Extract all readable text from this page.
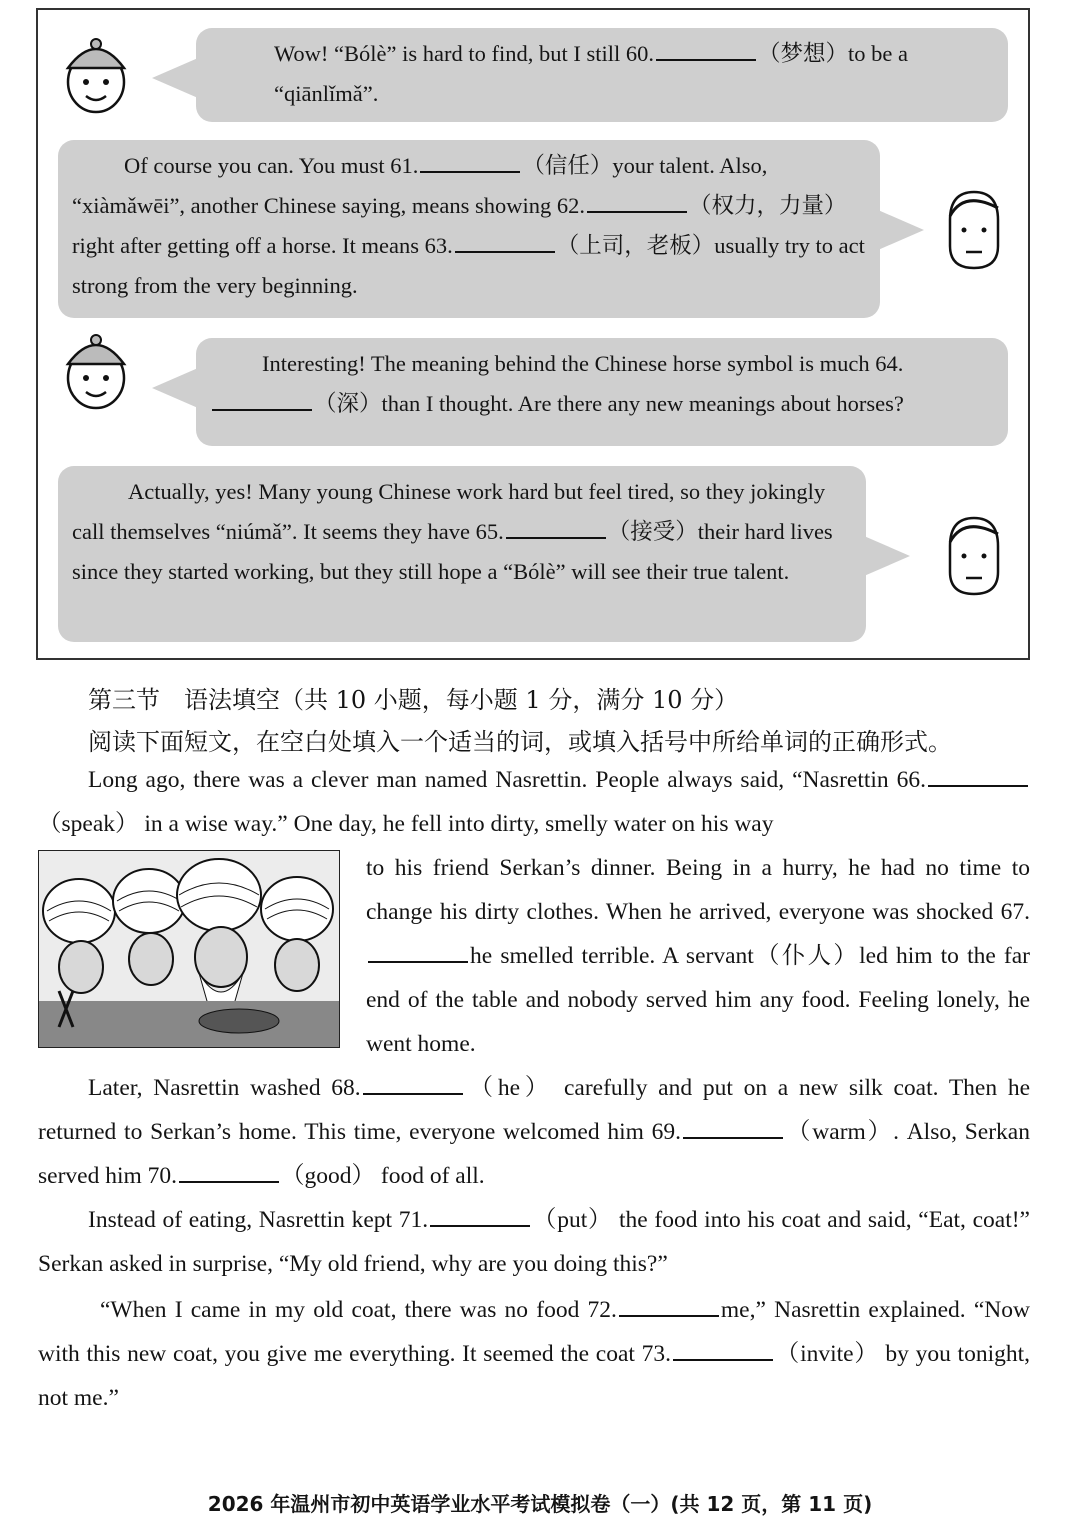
Wow! “Bólè” is hard to find, but I still 60.	（梦想）to be a “qiānlǐmǎ”.
Of course you can. You must 61.	（信任）your talent. Also, “xiàmǎwēi”, another Chinese saying, means showing 62.	（权力，力量）right after getting off a horse. It means 63.	（上司，老板）usually try to act strong from the very beginning.
Interesting! The meaning behind the Chinese horse symbol is much 64.（深）than I thought. Are there any new meanings about horses?
Actually, yes! Many young Chinese work hard but feel tired, so they jokingly call themselves “niúmǎ”. It seems they have 65.	（接受）their hard lives since they started working, but they still hope a “Bólè” will see their true talent.
第三节　语法填空（共 10 小题，每小题 1 分，满分 10 分）
阅读下面短文，在空白处填入一个适当的词，或填入括号中所给单词的正确形式。
Long ago, there was a clever man named Nasrettin. People always said, “Nasrettin 66.（speak） in a wise way.” One day, he fell into dirty, smelly water on his way
to his friend Serkan’s dinner. Being in a hurry, he had no time to change his dirty clothes. When he arrived, everyone was shocked 67.he smelled terrible. A servant（仆人）led him to the far end of the table and nobody served him any food. Feeling lonely, he went home.
Later, Nasrettin washed 68.	（he） carefully and put on a new silk coat. Then he returned to Serkan’s home. This time, everyone welcomed him 69.	（warm）. Also, Serkan served him 70.	（good） food of all.
Instead of eating, Nasrettin kept 71.	（put） the food into his coat and said, “Eat, coat!” Serkan asked in surprise, “My old friend, why are you doing this?”
“When I came in my old coat, there was no food 72.	me,” Nasrettin explained. “Now with this new coat, you give me everything. It seemed the coat 73.	（invite） by you tonight, not me.”
2026 年温州市初中英语学业水平考试模拟卷（一）(共 12 页，第 11 页)
